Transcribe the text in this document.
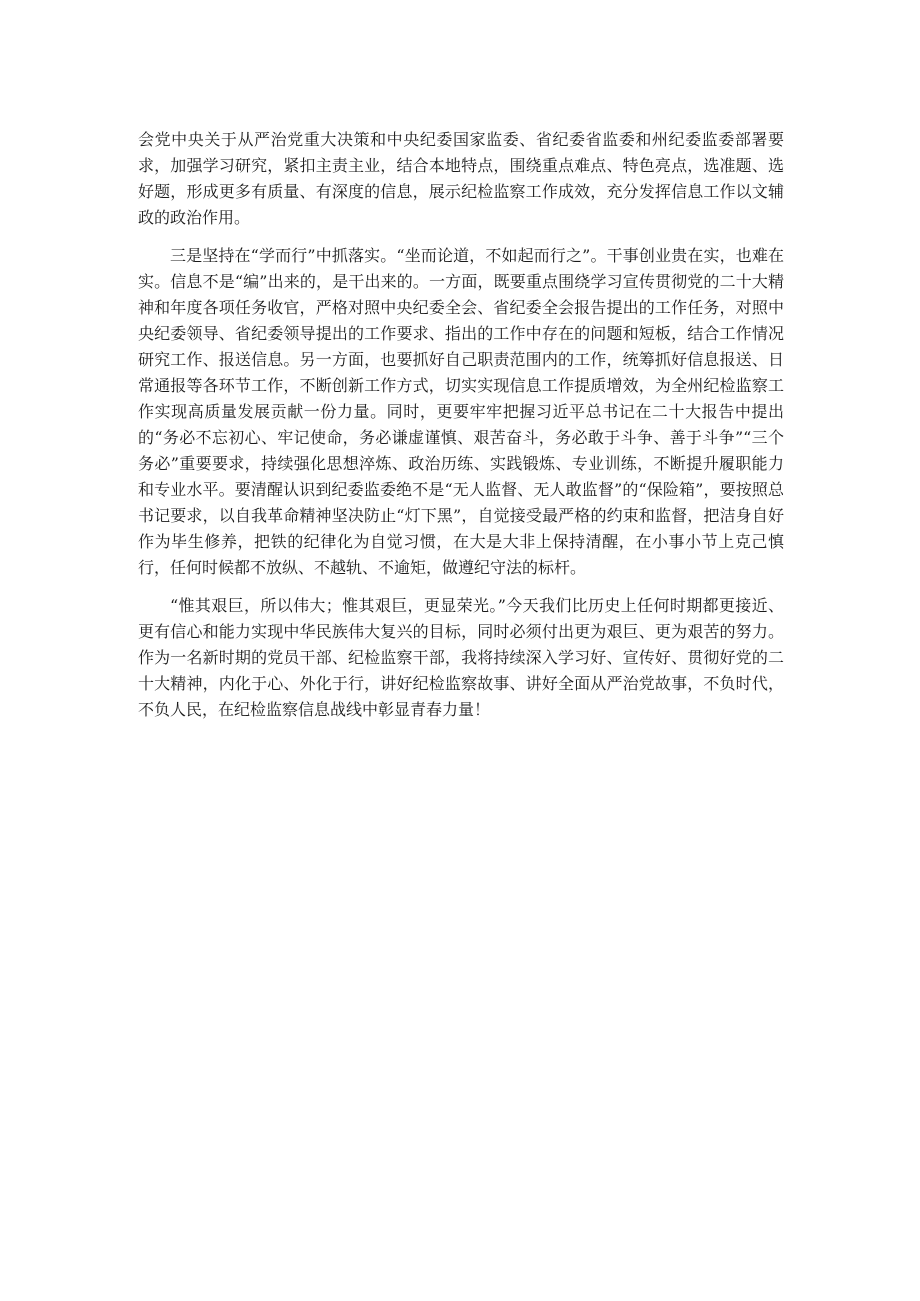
会党中央关于从严治党重大决策和中央纪委国家监委、省纪委省监委和州纪委监委部署要求，加强学习研究，紧扣主责主业，结合本地特点，围绕重点难点、特色亮点，选准题、选好题，形成更多有质量、有深度的信息，展示纪检监察工作成效，充分发挥信息工作以文辅政的政治作用。

三是坚持在“学而行”中抓落实。“坐而论道，不如起而行之”。干事创业贵在实，也难在实。信息不是“编”出来的，是干出来的。一方面，既要重点围绕学习宣传贯彻党的二十大精神和年度各项任务收官，严格对照中央纪委全会、省纪委全会报告提出的工作任务，对照中央纪委领导、省纪委领导提出的工作要求、指出的工作中存在的问题和短板，结合工作情况研究工作、报送信息。另一方面，也要抓好自己职责范围内的工作，统筹抓好信息报送、日常通报等各环节工作，不断创新工作方式，切实实现信息工作提质增效，为全州纪检监察工作实现高质量发展贡献一份力量。同时，更要牢牢把握习近平总书记在二十大报告中提出的“务必不忘初心、牢记使命，务必谦虚谨慎、艰苦奋斗，务必敢于斗争、善于斗争”“三个务必”重要要求，持续强化思想淬炼、政治历练、实践锻炼、专业训练，不断提升履职能力和专业水平。要清醒认识到纪委监委绝不是“无人监督、无人敢监督”的“保险箱”，要按照总书记要求，以自我革命精神坚决防止“灯下黑”，自觉接受最严格的约束和监督，把洁身自好作为毕生修养，把铁的纪律化为自觉习惯，在大是大非上保持清醒，在小事小节上克己慎行，任何时候都不放纵、不越轨、不逾矩，做遵纪守法的标杆。

“惟其艰巨，所以伟大；惟其艰巨，更显荣光。”今天我们比历史上任何时期都更接近、更有信心和能力实现中华民族伟大复兴的目标，同时必须付出更为艰巨、更为艰苦的努力。作为一名新时期的党员干部、纪检监察干部，我将持续深入学习好、宣传好、贯彻好党的二十大精神，内化于心、外化于行，讲好纪检监察故事、讲好全面从严治党故事，不负时代，不负人民，在纪检监察信息战线中彰显青春力量！
